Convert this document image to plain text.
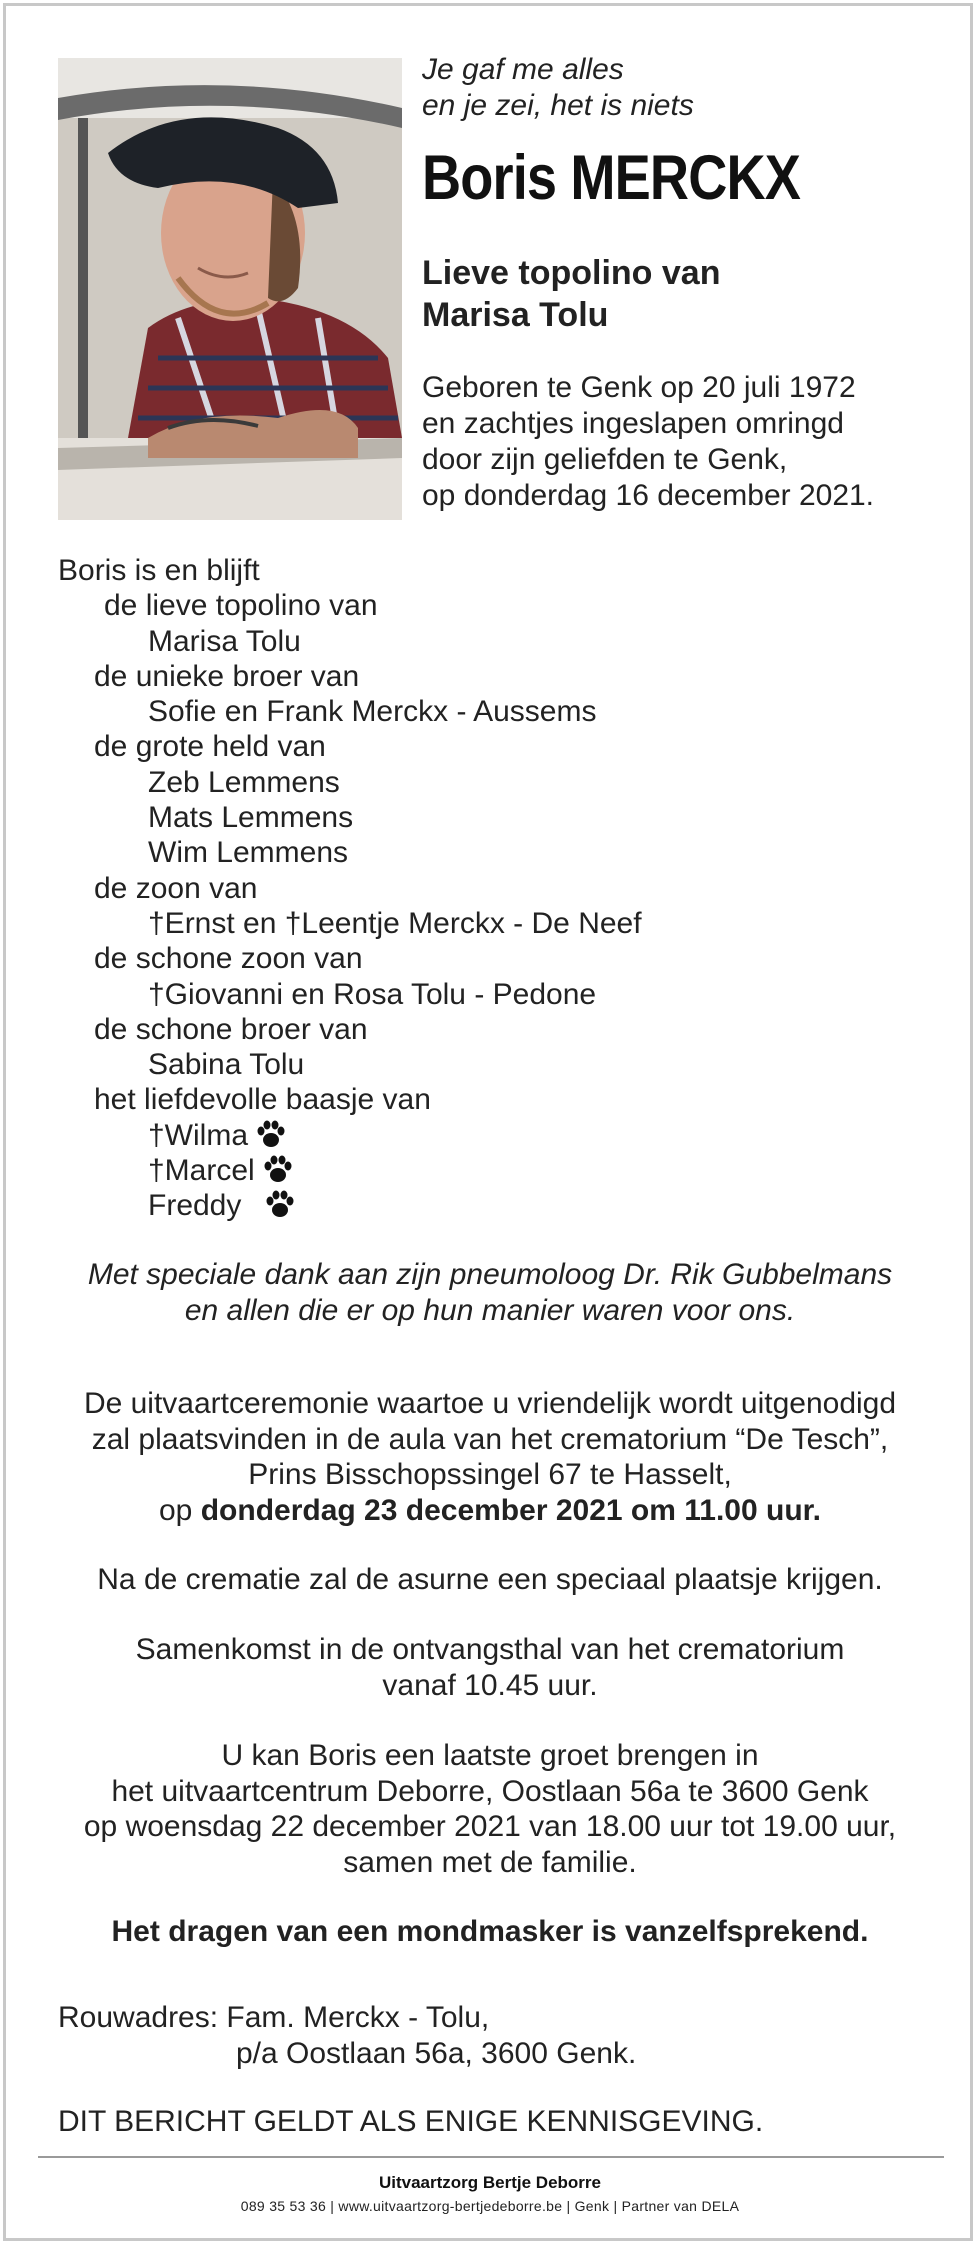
Je gaf me alles
en je zei, het is niets

Boris MERCKX

Lieve topolino van
Marisa Tolu

Geboren te Genk op 20 juli 1972
en zachtjes ingeslapen omringd
door zijn geliefden te Genk,
op donderdag 16 december 2021.

Boris is en blijft
de lieve topolino van
Marisa Tolu
de unieke broer van
Sofie en Frank Merckx - Aussems
de grote held van
Zeb Lemmens
Mats Lemmens
Wim Lemmens
de zoon van
†Ernst en †Leentje Merckx - De Neef
de schone zoon van
†Giovanni en Rosa Tolu - Pedone
de schone broer van
Sabina Tolu
het liefdevolle baasje van
†Wilma
†Marcel
Freddy
Met speciale dank aan zijn pneumoloog Dr. Rik Gubbelmans
en allen die er op hun manier waren voor ons.
De uitvaartceremonie waartoe u vriendelijk wordt uitgenodigd
zal plaatsvinden in de aula van het crematorium “De Tesch”,
Prins Bisschopssingel 67 te Hasselt,
op donderdag 23 december 2021 om 11.00 uur.
Na de crematie zal de asurne een speciaal plaatsje krijgen.
Samenkomst in de ontvangsthal van het crematorium
vanaf 10.45 uur.
U kan Boris een laatste groet brengen in
het uitvaartcentrum Deborre, Oostlaan 56a te 3600 Genk
op woensdag 22 december 2021 van 18.00 uur tot 19.00 uur,
samen met de familie.
Het dragen van een mondmasker is vanzelfsprekend.
Rouwadres: Fam. Merckx - Tolu,
p/a Oostlaan 56a, 3600 Genk.
DIT BERICHT GELDT ALS ENIGE KENNISGEVING.
Uitvaartzorg Bertje Deborre
089 35 53 36 | www.uitvaartzorg-bertjedeborre.be | Genk | Partner van DELA
